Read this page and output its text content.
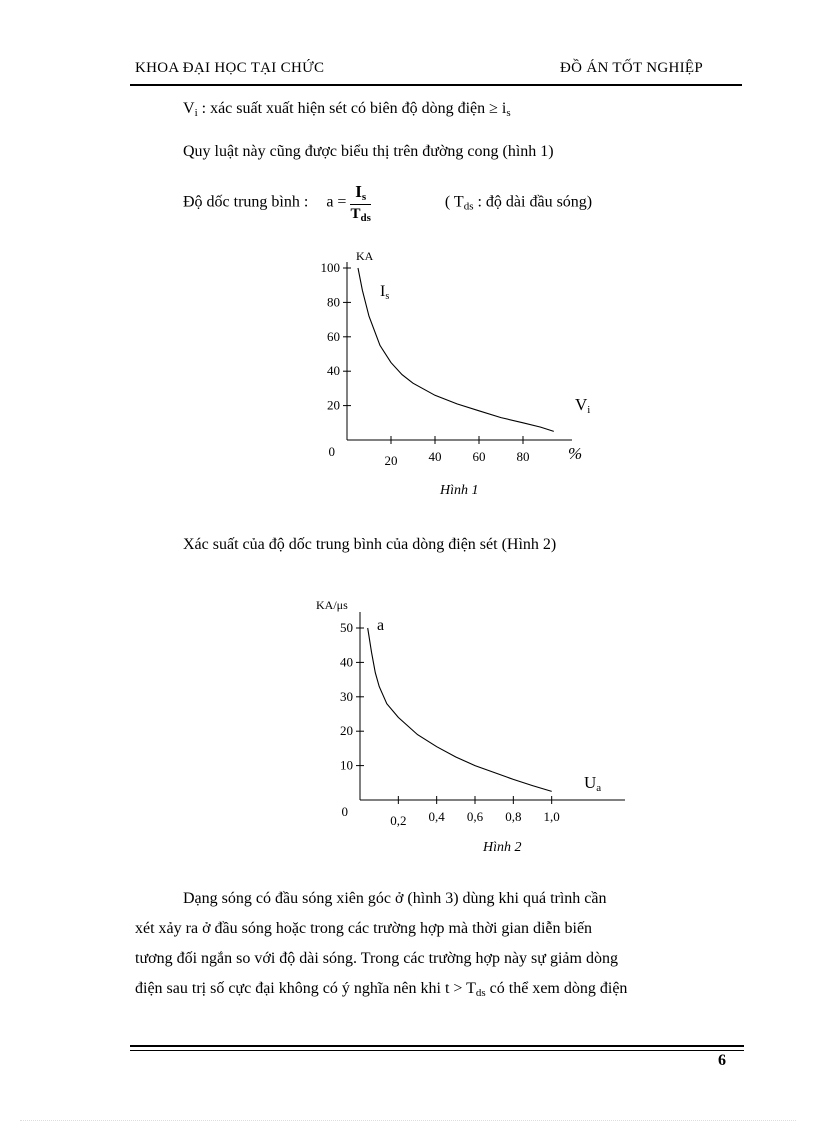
KHOA ĐẠI HỌC TẠI CHỨC	ĐỒ ÁN TỐT NGHIỆP
$V_i$ : xác suất xuất hiện sét có biên độ dòng điện ≥ $i_s$
Quy luật này cũng được biểu thị trên đường cong (hình 1)
Độ dốc trung bình : $a = \frac{I_s}{T_{ds}}$	( $T_{ds}$ : độ dài đầu sóng)
20
40
60
80
100
20 40 60 80
0
KA
%
Is
Vi
Hình 1
Xác suất của độ dốc trung bình của dòng điện sét (Hình 2)
10
20
30
40
50
0,2 0,4 0,6 0,8 1,0
0
KA/μs
a
Ua
Hình 2
Dạng sóng có đầu sóng xiên góc ở (hình 3) dùng khi quá trình cần
xét xảy ra ở đầu sóng hoặc trong các trường hợp mà thời gian diễn biến
tương đối ngắn so với độ dài sóng. Trong các trường hợp này sự giảm dòng
điện sau trị số cực đại không có ý nghĩa nên khi $t > T_{ds}$ có thể xem dòng điện
6
